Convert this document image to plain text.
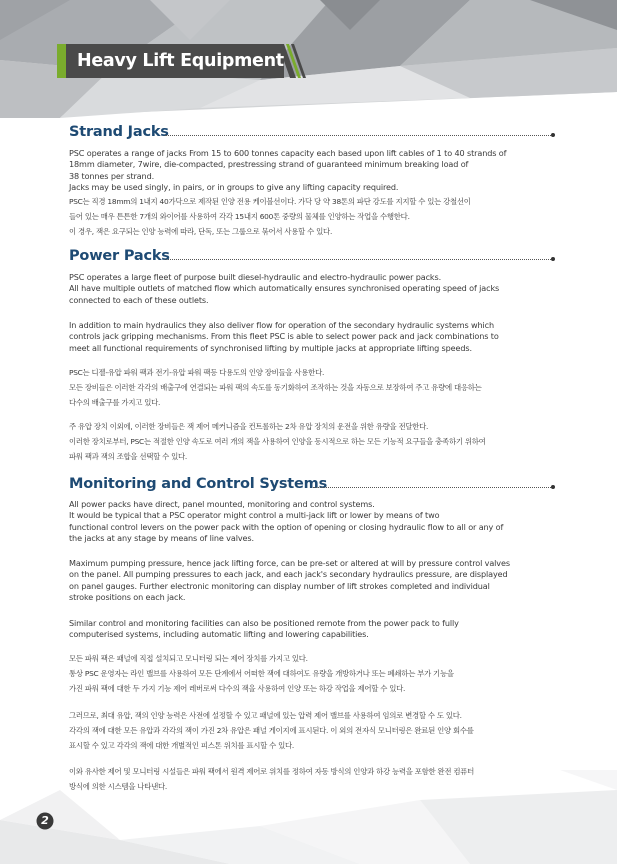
Heavy Lift Equipment
Strand Jacks
PSC operates a range of jacks From 15 to 600 tonnes capacity each based upon lift cables of 1 to 40 strands of
18mm diameter, 7wire, die-compacted, prestressing strand of guaranteed minimum breaking load of
38 tonnes per strand.
Jacks may be used singly, in pairs, or in groups to give any lifting capacity required.
PSC는 직경 18mm의 1내지 40가닥으로 제작된 인양 전용 케이블선이다. 가닥 당 약 38톤의 파단 강도를 지지할 수 있는 강철선이
들어 있는 매우 튼튼한 7개의 와이어를 사용하여 각각 15내지 600톤 중량의 물체를 인양하는 작업을 수행한다.
이 경우, 잭은 요구되는 인양 능력에 따라, 단독, 또는 그룹으로 묶어서 사용할 수 있다.
Power Packs
PSC operates a large fleet of purpose built diesel-hydraulic and electro-hydraulic power packs.
All have multiple outlets of matched flow which automatically ensures synchronised operating speed of jacks
connected to each of these outlets.
In addition to main hydraulics they also deliver flow for operation of the secondary hydraulic systems which
controls jack gripping mechanisms. From this fleet PSC is able to select power pack and jack combinations to
meet all functional requirements of synchronised lifting by multiple jacks at appropriate lifting speeds.
PSC는 디젤-유압 파워 팩과 전기-유압 파워 팩등 다용도의 인양 장비들을 사용한다.
모든 장비들은 이러한 각각의 배출구에 연결되는 파워 팩의 속도를 동기화하여 조작하는 것을 자동으로 보장하여 주고 유량에 대응하는
다수의 배출구를 가지고 있다.
주 유압 장치 이외에, 이러한 장비들은 잭 제어 메커니즘을 컨트롤하는 2차 유압 장치의 운전을 위한 유량을 전달한다.
이러한 장치로부터, PSC는 적절한 인양 속도로 여러 개의 잭을 사용하여 인양을 동시적으로 하는 모든 기능적 요구들을 충족하기 위하여
파워 팩과 잭의 조합을 선택할 수 있다.
Monitoring and Control Systems
All power packs have direct, panel mounted, monitoring and control systems.
It would be typical that a PSC operator might control a multi-jack lift or lower by means of two
functional control levers on the power pack with the option of opening or closing hydraulic flow to all or any of
the jacks at any stage by means of line valves.
Maximum pumping pressure, hence jack lifting force, can be pre-set or altered at will by pressure control valves
on the panel. All pumping pressures to each jack, and each jack's secondary hydraulics pressure, are displayed
on panel gauges. Further electronic monitoring can display number of lift strokes completed and individual
stroke positions on each jack.
Similar control and monitoring facilities can also be positioned remote from the power pack to fully
computerised systems, including automatic lifting and lowering capabilities.
모든 파워 팩은 패널에 직접 설치되고 모니터링 되는 제어 장치를 가지고 있다.
통상 PSC 운영자는 라인 밸브를 사용하여 모든 단계에서 어떠한 잭에 대하여도 유량을 개방하거나 또는 폐쇄하는 부가 기능을
가진 파워 팩에 대한 두 가지 기능 제어 레버로써 다수의 잭을 사용하여 인양 또는 하강 작업을 제어할 수 있다.
그러므로, 최대 유압, 잭의 인양 능력은 사전에 설정할 수 있고 패널에 있는 압력 제어 밸브를 사용하여 임의로 변경할 수 도 있다.
각각의 잭에 대한 모든 유압과 각각의 잭이 가진 2차 유압은 패널 게이지에 표시된다. 이 외의 전자식 모니터링은 완료된 인양 회수를
표시할 수 있고 각각의 잭에 대한 개별적인 피스톤 위치를 표시할 수 있다.
이와 유사한 제어 및 모니터링 시설들은 파워 팩에서 원격 제어로 위치를 정하여 자동 방식의 인양과 하강 능력을 포함한 완전 컴퓨터
방식에 의한 시스템을 나타낸다.
2
